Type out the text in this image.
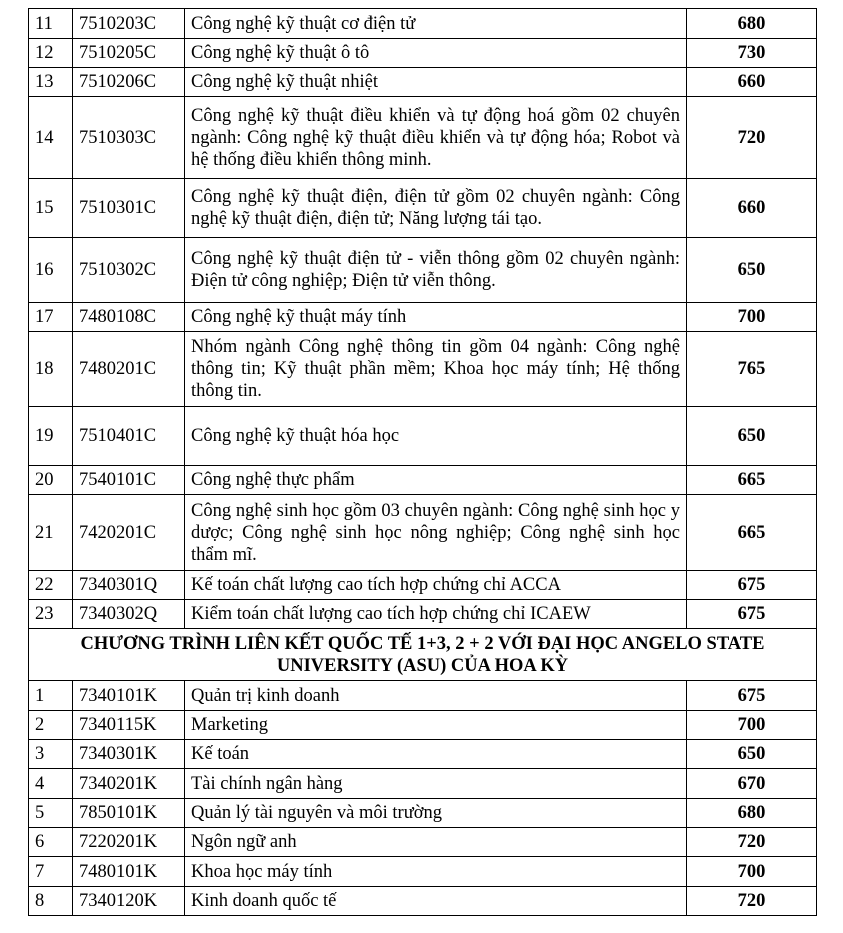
11	7510203C	Công nghệ kỹ thuật cơ điện tử	680
12	7510205C	Công nghệ kỹ thuật ô tô	730
13	7510206C	Công nghệ kỹ thuật nhiệt	660
14	7510303C	Công nghệ kỹ thuật điều khiển và tự động hoá gồm 02 chuyên ngành: Công nghệ kỹ thuật điều khiển và tự động hóa; Robot và hệ thống điều khiển thông minh.	720
15	7510301C	Công nghệ kỹ thuật điện, điện tử gồm 02 chuyên ngành: Công nghệ kỹ thuật điện, điện tử; Năng lượng tái tạo.	660
16	7510302C	Công nghệ kỹ thuật điện tử - viễn thông gồm 02 chuyên ngành: Điện tử công nghiệp; Điện tử viễn thông.	650
17	7480108C	Công nghệ kỹ thuật máy tính	700
18	7480201C	Nhóm ngành Công nghệ thông tin gồm 04 ngành: Công nghệ thông tin; Kỹ thuật phần mềm; Khoa học máy tính; Hệ thống thông tin.	765
19	7510401C	Công nghệ kỹ thuật hóa học	650
20	7540101C	Công nghệ thực phẩm	665
21	7420201C	Công nghệ sinh học gồm 03 chuyên ngành: Công nghệ sinh học y dược; Công nghệ sinh học nông nghiệp; Công nghệ sinh học thẩm mĩ.	665
22	7340301Q	Kế toán chất lượng cao tích hợp chứng chỉ ACCA	675
23	7340302Q	Kiểm toán chất lượng cao tích hợp chứng chỉ ICAEW	675
CHƯƠNG TRÌNH LIÊN KẾT QUỐC TẾ 1+3, 2 + 2 VỚI ĐẠI HỌC ANGELO STATE UNIVERSITY (ASU) CỦA HOA KỲ			
1	7340101K	Quản trị kinh doanh	675
2	7340115K	Marketing	700
3	7340301K	Kế toán	650
4	7340201K	Tài chính ngân hàng	670
5	7850101K	Quản lý tài nguyên và môi trường	680
6	7220201K	Ngôn ngữ anh	720
7	7480101K	Khoa học máy tính	700
8	7340120K	Kinh doanh quốc tế	720
